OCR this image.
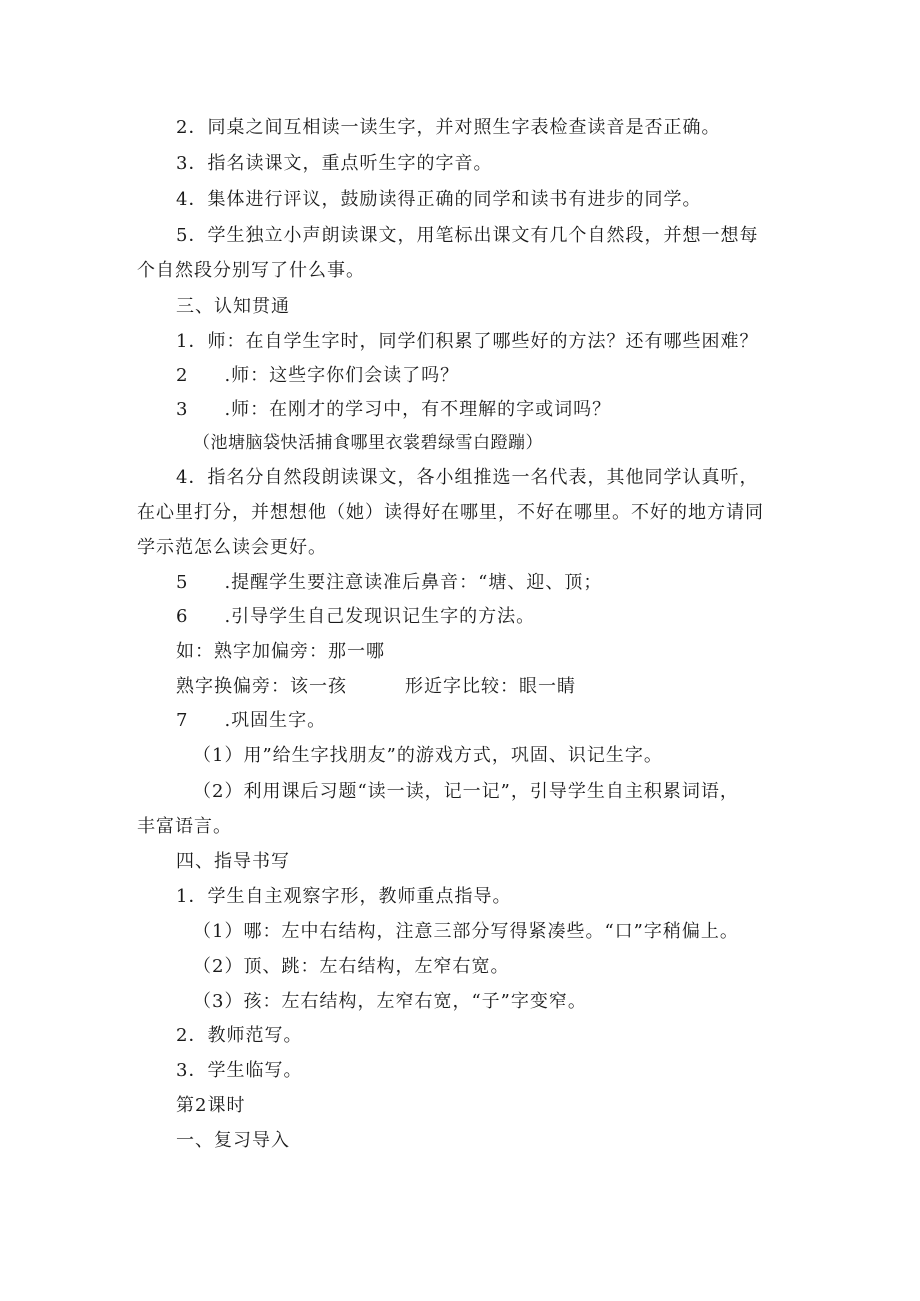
2．同桌之间互相读一读生字，并对照生字表检查读音是否正确。
3．指名读课文，重点听生字的字音。
4．集体进行评议，鼓励读得正确的同学和读书有进步的同学。
5．学生独立小声朗读课文，用笔标出课文有几个自然段，并想一想每
个自然段分别写了什么事。
三、认知贯通
1．师：在自学生字时，同学们积累了哪些好的方法？还有哪些困难？
2 .师：这些字你们会读了吗？
3 .师：在刚才的学习中，有不理解的字或词吗？
（池塘脑袋快活捕食哪里衣裳碧绿雪白蹬蹦）
4．指名分自然段朗读课文，各小组推选一名代表，其他同学认真听，
在心里打分，并想想他（她）读得好在哪里，不好在哪里。不好的地方请同
学示范怎么读会更好。
5 .提醒学生要注意读准后鼻音：“塘、迎、顶；
6 .引导学生自己发现识记生字的方法。
如：熟字加偏旁：那一哪
熟字换偏旁：该一孩	形近字比较：眼一睛
7 .巩固生字。
（1）用”给生字找朋友”的游戏方式，巩固、识记生字。
（2）利用课后习题“读一读，记一记”，引导学生自主积累词语，
丰富语言。
四、指导书写
1．学生自主观察字形，教师重点指导。
（1）哪：左中右结构，注意三部分写得紧凑些。“口”字稍偏上。
（2）顶、跳：左右结构，左窄右宽。
（3）孩：左右结构，左窄右宽，“子”字变窄。
2．教师范写。
3．学生临写。
第2课时
一、复习导入
